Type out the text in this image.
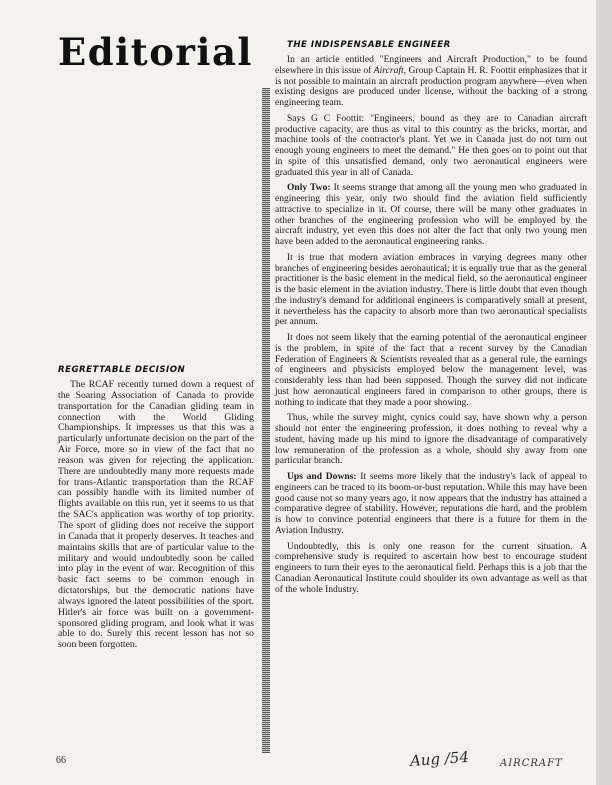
Editorial
REGRETTABLE DECISION

The RCAF recently turned down a request of the Soaring Association of Canada to provide transportation for the Canadian gliding team in connection with the World Gliding Championships. It impresses us that this was a particularly unfortunate decision on the part of the Air Force, more so in view of the fact that no reason was given for rejecting the application. There are undoubtedly many more requests made for trans-Atlantic transportation than the RCAF can possibly handle with its limited number of flights available on this run, yet it seems to us that the SAC's application was worthy of top priority. The sport of gliding does not receive the support in Canada that it properly deserves. It teaches and maintains skills that are of particular value to the military and would undoubtedly soon be called into play in the event of war. Recognition of this basic fact seems to be common enough in dictatorships, but the democratic nations have always ignored the latent possibilities of the sport. Hitler's air force was built on a government-sponsored gliding program, and look what it was able to do. Surely this recent lesson has not so soon been forgotten.

THE INDISPENSABLE ENGINEER

In an article entitled "Engineers and Aircraft Production," to be found elsewhere in this issue of Aircraft, Group Captain H. R. Foottit emphasizes that it is not possible to maintain an aircraft production program anywhere—even when existing designs are produced under license, without the backing of a strong engineering team.

Says G C Foottit: "Engineers, bound as they are to Canadian aircraft productive capacity, are thus as vital to this country as the bricks, mortar, and machine tools of the contractor's plant. Yet we in Canada just do not turn out enough young engineers to meet the demand." He then goes on to point out that in spite of this unsatisfied demand, only two aeronautical engineers were graduated this year in all of Canada.

Only Two: It seems strange that among all the young men who graduated in engineering this year, only two should find the aviation field sufficiently attractive to specialize in it. Of course, there will be many other graduates in other branches of the engineering profession who will be employed by the aircraft industry, yet even this does not alter the fact that only two young men have been added to the aeronautical engineering ranks.

It is true that modern aviation embraces in varying degrees many other branches of engineering besides aeronautical; it is equally true that as the general practitioner is the basic element in the medical field, so the aeronautical engineer is the basic element in the aviation industry. There is little doubt that even though the industry's demand for additional engineers is comparatively small at present, it nevertheless has the capacity to absorb more than two aeronautical specialists per annum.

It does not seem likely that the earning potential of the aeronautical engineer is the problem, in spite of the fact that a recent survey by the Canadian Federation of Engineers & Scientists revealed that as a general rule, the earnings of engineers and physicists employed below the management level, was considerably less than had been supposed. Though the survey did not indicate just how aeronautical engineers fared in comparison to other groups, there is nothing to indicate that they made a poor showing.

Thus, while the survey might, cynics could say, have shown why a person should not enter the engineering profession, it does nothing to reveal why a student, having made up his mind to ignore the disadvantage of comparatively low remuneration of the profession as a whole, should shy away from one particular branch.

Ups and Downs: It seems more likely that the industry's lack of appeal to engineers can be traced to its boom-or-bust reputation. While this may have been good cause not so many years ago, it now appears that the industry has attained a comparative degree of stability. However, reputations die hard, and the problem is how to convince potential engineers that there is a future for them in the Aviation Industry.

Undoubtedly, this is only one reason for the current situation. A comprehensive study is required to ascertain how best to encourage student engineers to turn their eyes to the aeronautical field. Perhaps this is a job that the Canadian Aeronautical Institute could shoulder its own advantage as well as that of the whole Industry.

66	Aug /54	AIRCRAFT
